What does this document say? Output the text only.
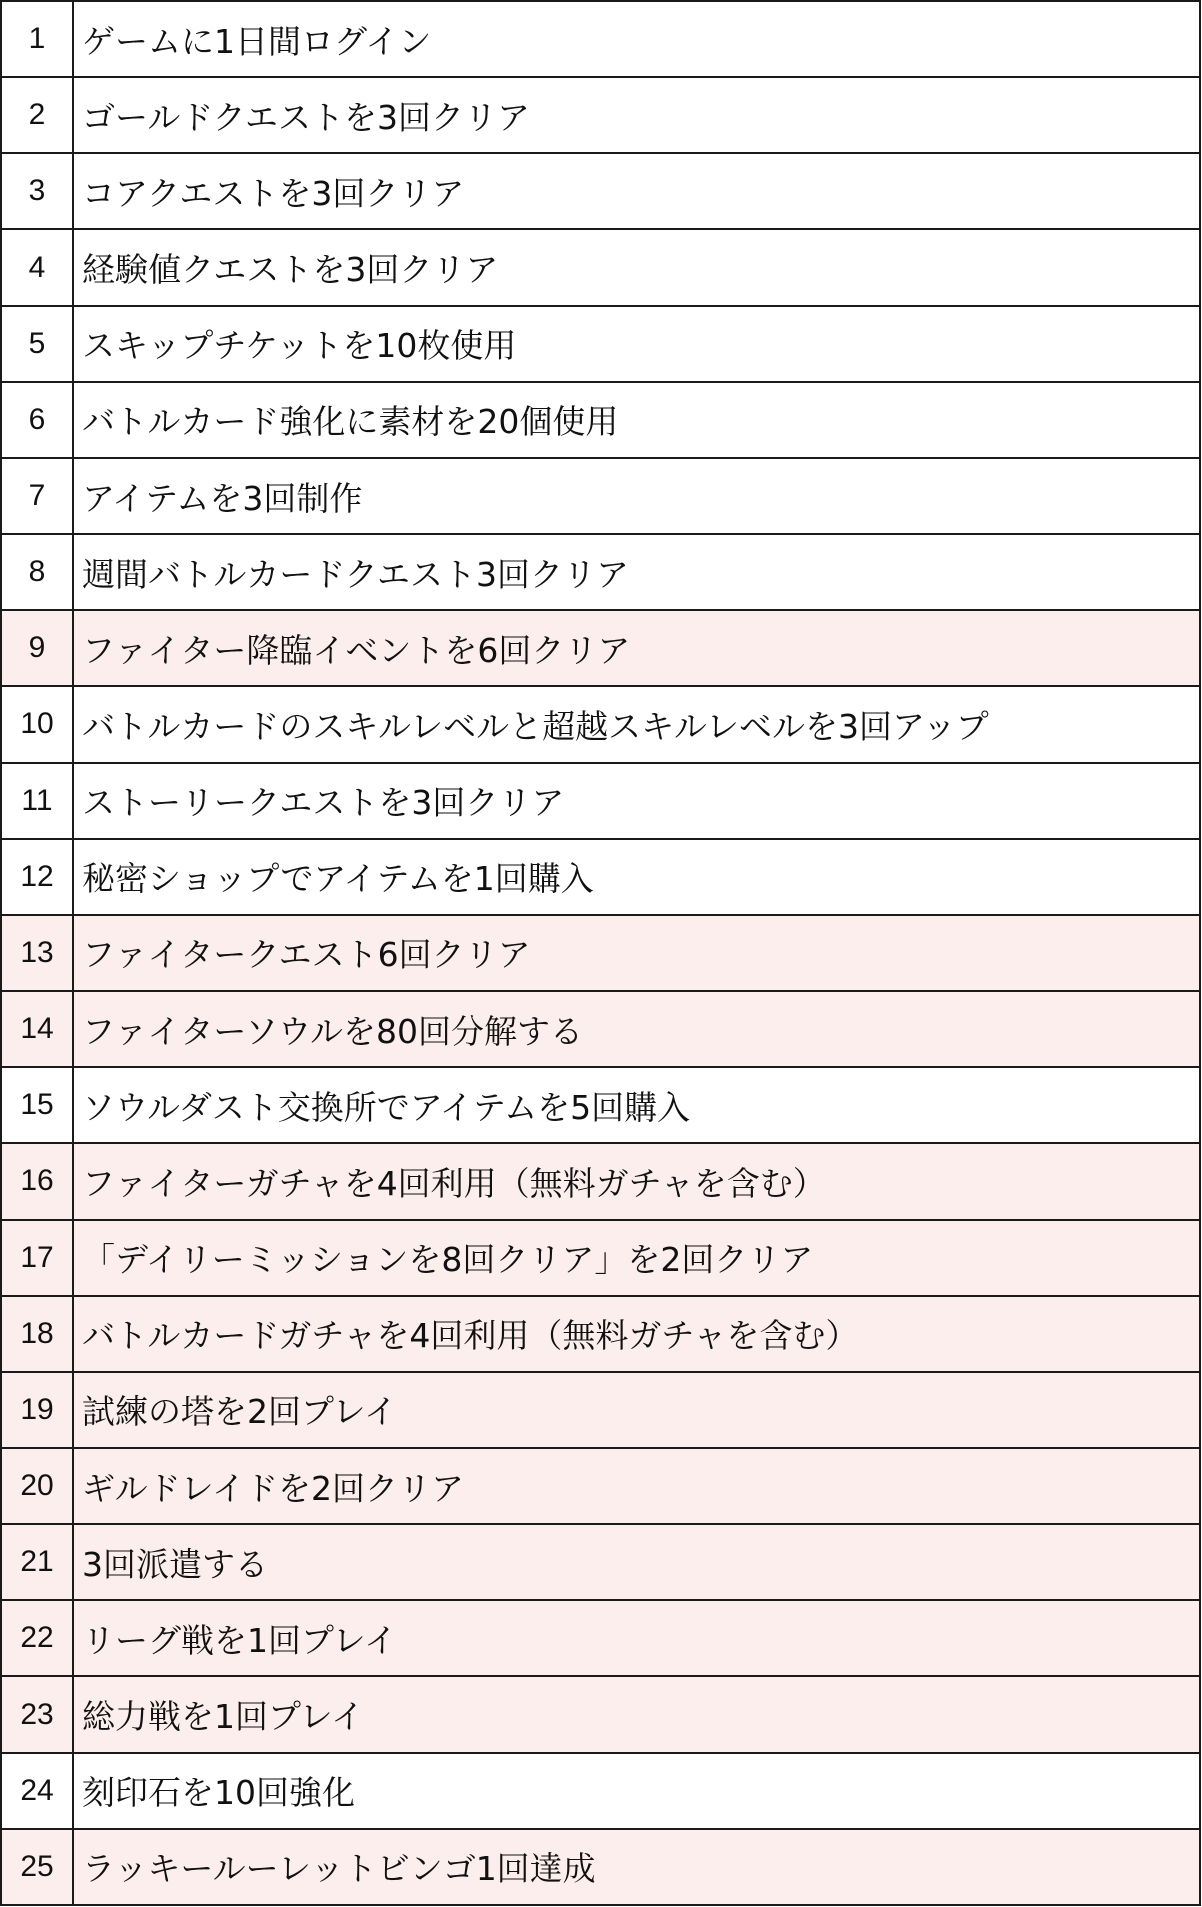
1	ゲームに1日間ログイン
2	ゴールドクエストを3回クリア
3	コアクエストを3回クリア
4	経験値クエストを3回クリア
5	スキップチケットを10枚使用
6	バトルカード強化に素材を20個使用
7	アイテムを3回制作
8	週間バトルカードクエスト3回クリア
9	ファイター降臨イベントを6回クリア
10	バトルカードのスキルレベルと超越スキルレベルを3回アップ
11	ストーリークエストを3回クリア
12	秘密ショップでアイテムを1回購入
13	ファイタークエスト6回クリア
14	ファイターソウルを80回分解する
15	ソウルダスト交換所でアイテムを5回購入
16	ファイターガチャを4回利用（無料ガチャを含む）
17	「デイリーミッションを8回クリア」を2回クリア
18	バトルカードガチャを4回利用（無料ガチャを含む）
19	試練の塔を2回プレイ
20	ギルドレイドを2回クリア
21	3回派遣する
22	リーグ戦を1回プレイ
23	総力戦を1回プレイ
24	刻印石を10回強化
25	ラッキールーレットビンゴ1回達成
